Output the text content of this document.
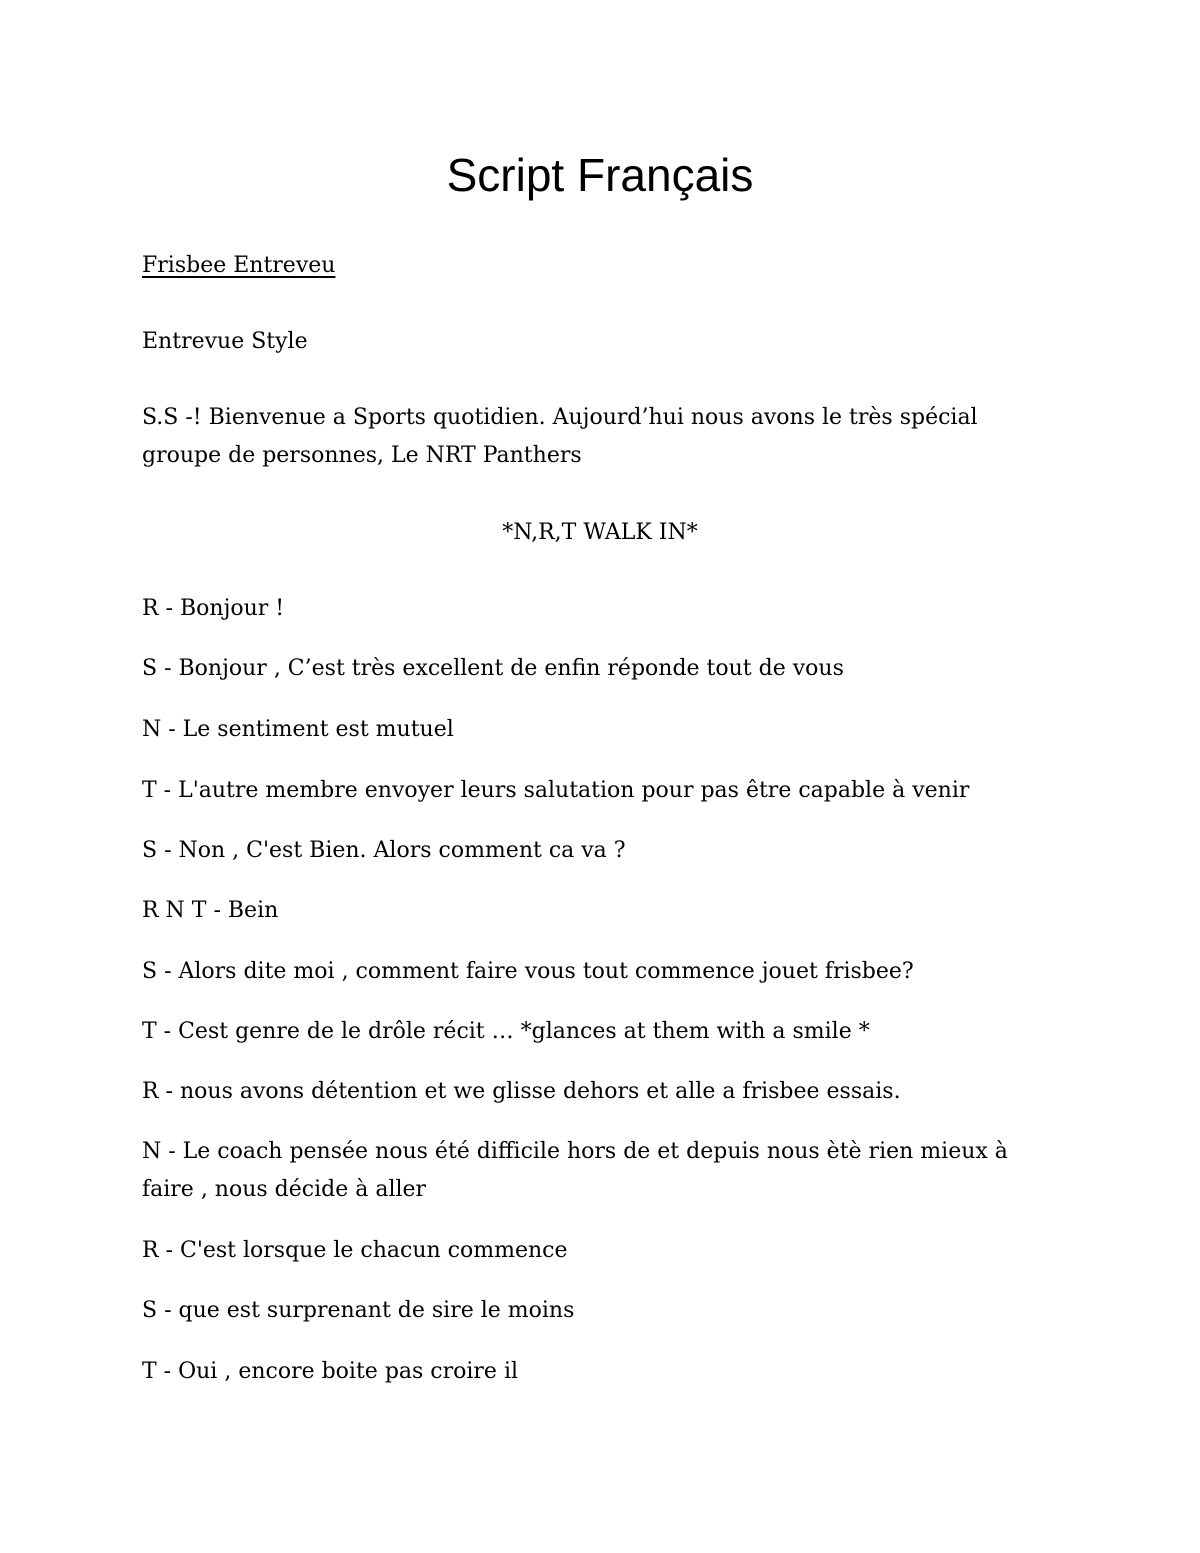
Script Français

Frisbee Entreveu

Entrevue Style

S.S -! Bienvenue a Sports quotidien. Aujourd’hui nous avons le très spécial groupe de personnes, Le NRT Panthers

*N,R,T WALK IN*

R - Bonjour !

S - Bonjour , C’est très excellent de enfin réponde tout de vous

N - Le sentiment est mutuel

T - L'autre membre envoyer leurs salutation pour pas être capable à venir

S - Non , C'est Bien. Alors comment ca va ?

R N T - Bein

S - Alors dite moi , comment faire vous tout commence jouet frisbee?

T - Cest genre de le drôle récit … *glances at them with a smile *

R - nous avons détention et we glisse dehors et alle a frisbee essais.

N - Le coach pensée nous été difficile hors de et depuis nous ètè rien mieux à faire , nous décide à aller

R - C'est lorsque le chacun commence

S - que est surprenant de sire le moins

T - Oui , encore boite pas croire il
